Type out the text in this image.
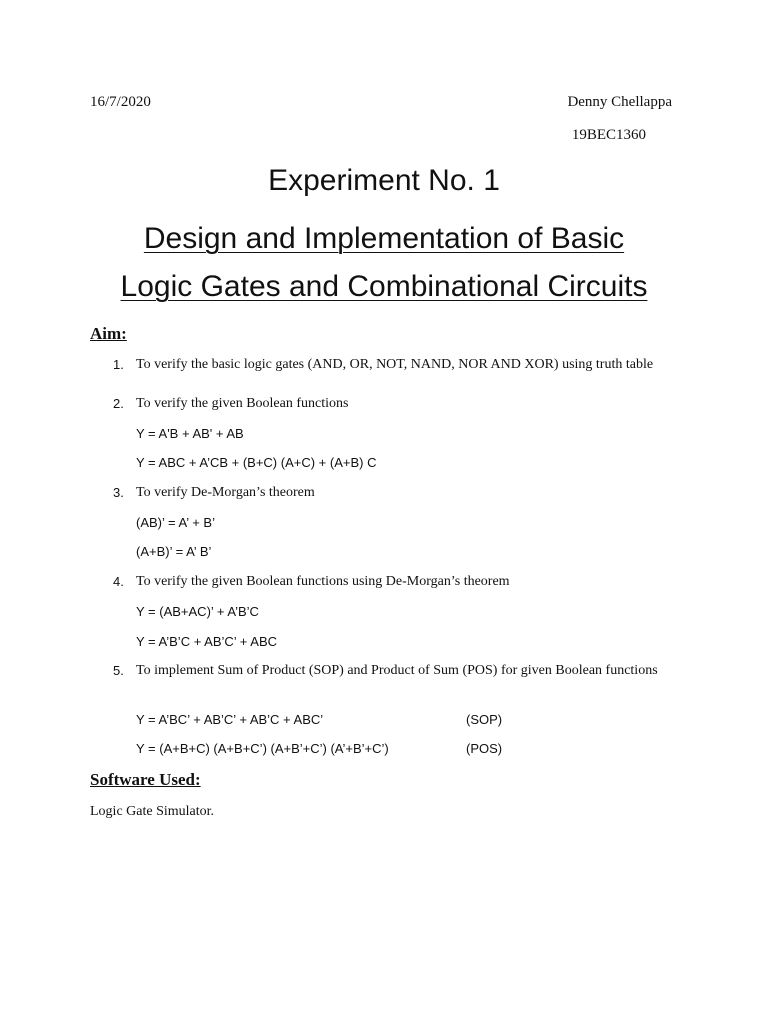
16/7/2020	Denny Chellappa
19BEC1360
Experiment No. 1
Design and Implementation of Basic
Logic Gates and Combinational Circuits
Aim:
1. To verify the basic logic gates (AND, OR, NOT, NAND, NOR AND XOR) using truth table
2. To verify the given Boolean functions
Y = A'B + AB' + AB
Y = ABC + A’CB + (B+C) (A+C) + (A+B) C
3. To verify De-Morgan’s theorem
(AB)’ = A’ + B’
(A+B)’ = A’ B’
4. To verify the given Boolean functions using De-Morgan’s theorem
Y = (AB+AC)’ + A’B’C
Y = A’B’C + AB’C’ + ABC
5. To implement Sum of Product (SOP) and Product of Sum (POS) for given Boolean functions
Y = A’BC’ + AB’C’ + AB’C + ABC’	(SOP)
Y = (A+B+C) (A+B+C’) (A+B’+C’) (A’+B’+C’)	(POS)
Software Used:
Logic Gate Simulator.
